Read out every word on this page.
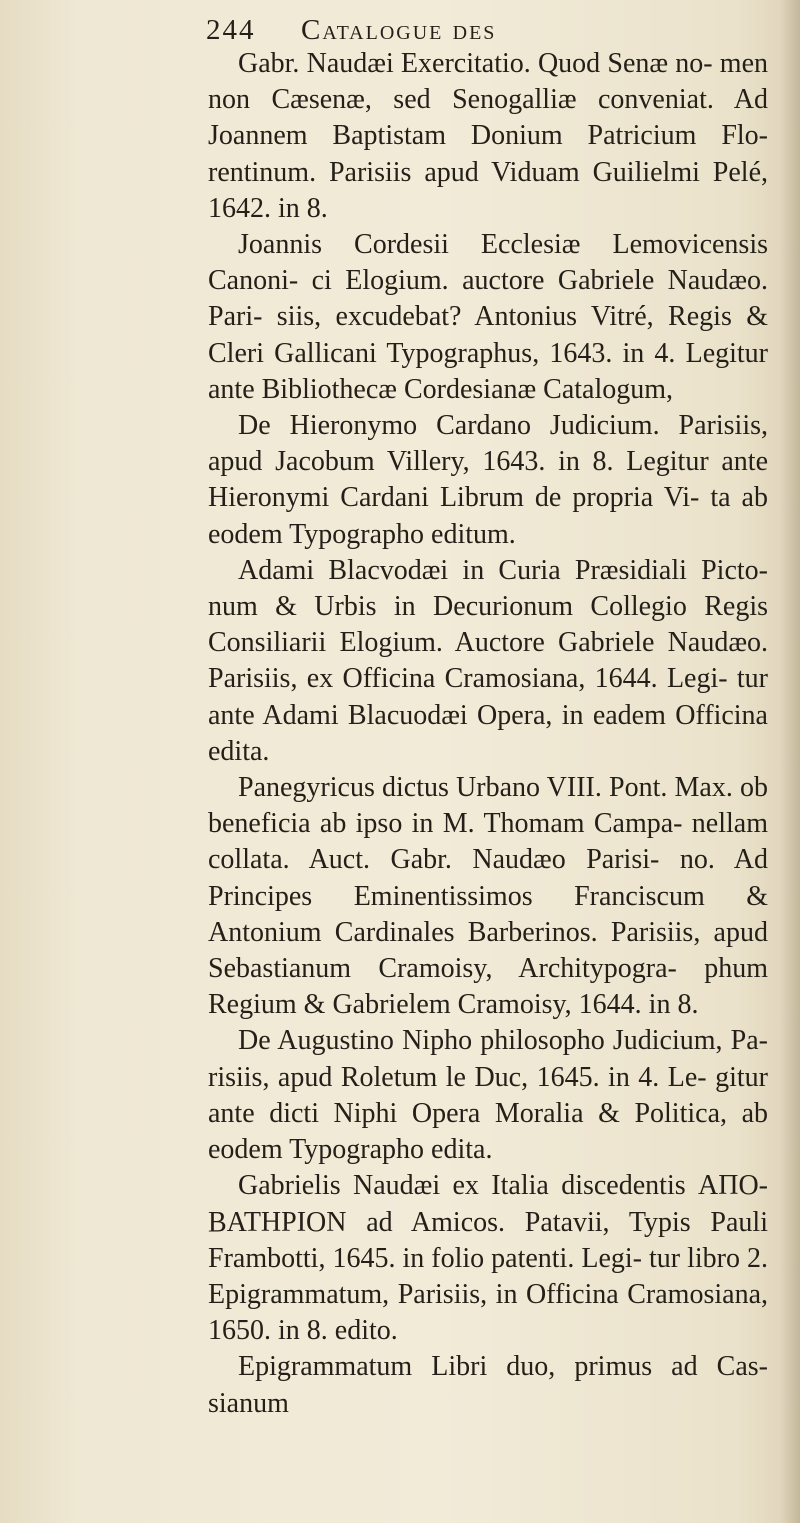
244 Catalogue des

Gabr. Naudæi Exercitatio. Quod Senæ no- men non Cæsenæ, sed Senogalliæ conveniat. Ad Joannem Baptistam Donium Patricium Flo- rentinum. Parisiis apud Viduam Guilielmi Pelé, 1642. in 8.

Joannis Cordesii Ecclesiæ Lemovicensis Canoni- ci Elogium. auctore Gabriele Naudæo. Pari- siis, excudebat? Antonius Vitré, Regis & Cleri Gallicani Typographus, 1643. in 4. Legitur ante Bibliothecæ Cordesianæ Catalogum,

De Hieronymo Cardano Judicium. Parisiis, apud Jacobum Villery, 1643. in 8. Legitur ante Hieronymi Cardani Librum de propria Vi- ta ab eodem Typographo editum.

Adami Blacvodæi in Curia Præsidiali Picto- num & Urbis in Decurionum Collegio Regis Consiliarii Elogium. Auctore Gabriele Naudæo. Parisiis, ex Officina Cramosiana, 1644. Legi- tur ante Adami Blacuodæi Opera, in eadem Officina edita.

Panegyricus dictus Urbano VIII. Pont. Max. ob beneficia ab ipso in M. Thomam Campa- nellam collata. Auct. Gabr. Naudæo Parisi- no. Ad Principes Eminentissimos Franciscum & Antonium Cardinales Barberinos. Parisiis, apud Sebastianum Cramoisy, Architypogra- phum Regium & Gabrielem Cramoisy, 1644. in 8.

De Augustino Nipho philosopho Judicium, Pa- risiis, apud Roletum le Duc, 1645. in 4. Le- gitur ante dicti Niphi Opera Moralia & Politica, ab eodem Typographo edita.

Gabrielis Naudæi ex Italia discedentis ΑΠΟ- ΒΑΤΗΡΙΟΝ ad Amicos. Patavii, Typis Pauli Frambotti, 1645. in folio patenti. Legi- tur libro 2. Epigrammatum, Parisiis, in Officina Cramosiana, 1650. in 8. edito.

Epigrammatum Libri duo, primus ad Cas- sianum
